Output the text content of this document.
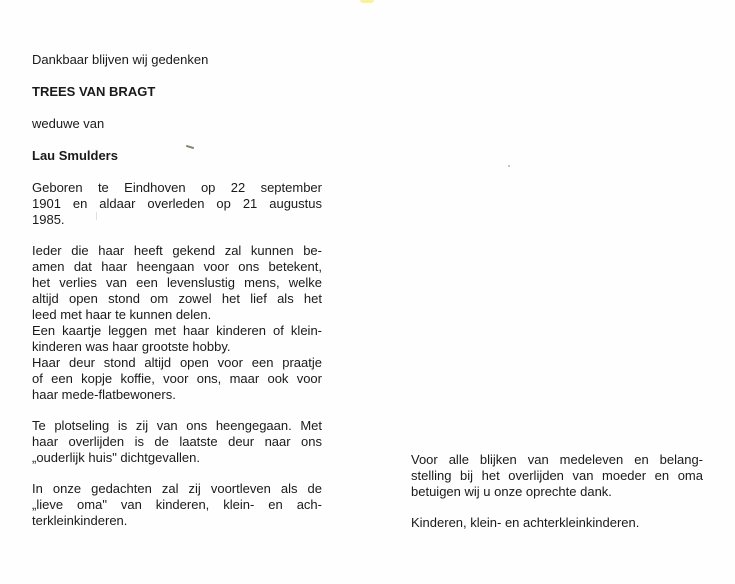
Dankbaar blijven wij gedenken
TREES VAN BRAGT
weduwe van
Lau Smulders
Geboren te Eindhoven op 22 september
1901 en aldaar overleden op 21 augustus
1985.
Ieder die haar heeft gekend zal kunnen be-
amen dat haar heengaan voor ons betekent,
het verlies van een levenslustig mens, welke
altijd open stond om zowel het lief als het
leed met haar te kunnen delen.
Een kaartje leggen met haar kinderen of klein-
kinderen was haar grootste hobby.
Haar deur stond altijd open voor een praatje
of een kopje koffie, voor ons, maar ook voor
haar mede-flatbewoners.
Te plotseling is zij van ons heengegaan. Met
haar overlijden is de laatste deur naar ons
„ouderlijk huis" dichtgevallen.
In onze gedachten zal zij voortleven als de
„lieve oma" van kinderen, klein- en ach-
terkleinkinderen.
Voor alle blijken van medeleven en belang-
stelling bij het overlijden van moeder en oma
betuigen wij u onze oprechte dank.
Kinderen, klein- en achterkleinkinderen.
